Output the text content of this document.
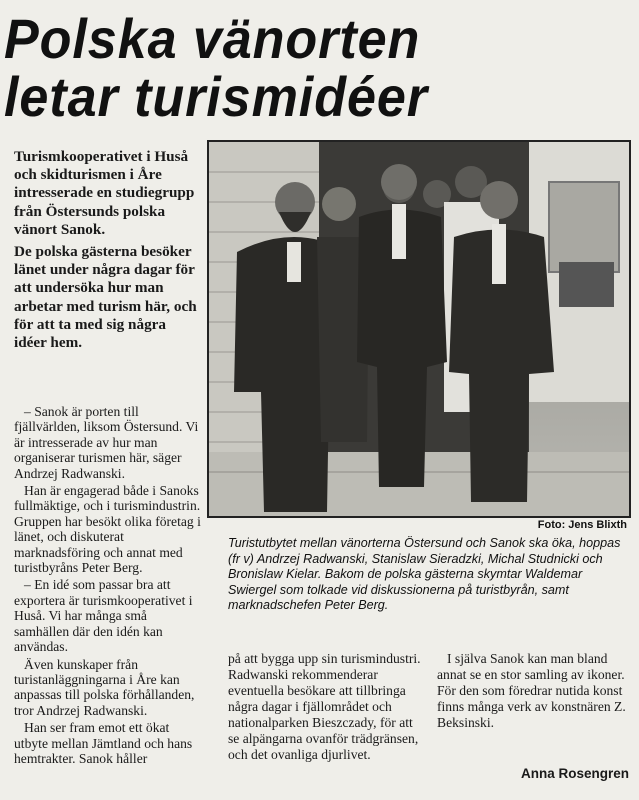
Polska vänorten
letar turismidéer

Turismkooperativet i Huså och skidturismen i Åre intresserade en studiegrupp från Östersunds polska vänort Sanok.

De polska gästerna besöker länet under några dagar för att undersöka hur man arbetar med turism här, och för att ta med sig några idéer hem.

– Sanok är porten till fjällvärlden, liksom Östersund. Vi är intresserade av hur man organiserar turismen här, säger Andrzej Radwanski.

Han är engagerad både i Sanoks fullmäktige, och i turismindustrin. Gruppen har besökt olika företag i länet, och diskuterat marknadsföring och annat med turistbyråns Peter Berg.

– En idé som passar bra att exportera är turismkooperativet i Huså. Vi har många små samhällen där den idén kan användas.

Även kunskaper från turistanläggningarna i Åre kan anpassas till polska förhållanden, tror Andrzej Radwanski.

Han ser fram emot ett ökat utbyte mellan Jämtland och hans hemtrakter. Sanok håller

Foto: Jens Blixth
Turistutbytet mellan vänorterna Östersund och Sanok ska öka, hoppas (fr v) Andrzej Radwanski, Stanislaw Sieradzki, Michal Studnicki och Bronislaw Kielar. Bakom de polska gästerna skymtar Waldemar Swiergel som tolkade vid diskussionerna på turistbyrån, samt marknadschefen Peter Berg.

på att bygga upp sin turismindustri. Radwanski rekommenderar eventuella besökare att tillbringa några dagar i fjällområdet och nationalparken Bieszczady, för att se alpängarna ovanför trädgränsen, och det ovanliga djurlivet.

I själva Sanok kan man bland annat se en stor samling av ikoner. För den som föredrar nutida konst finns många verk av konstnären Z. Beksinski.

Anna Rosengren
